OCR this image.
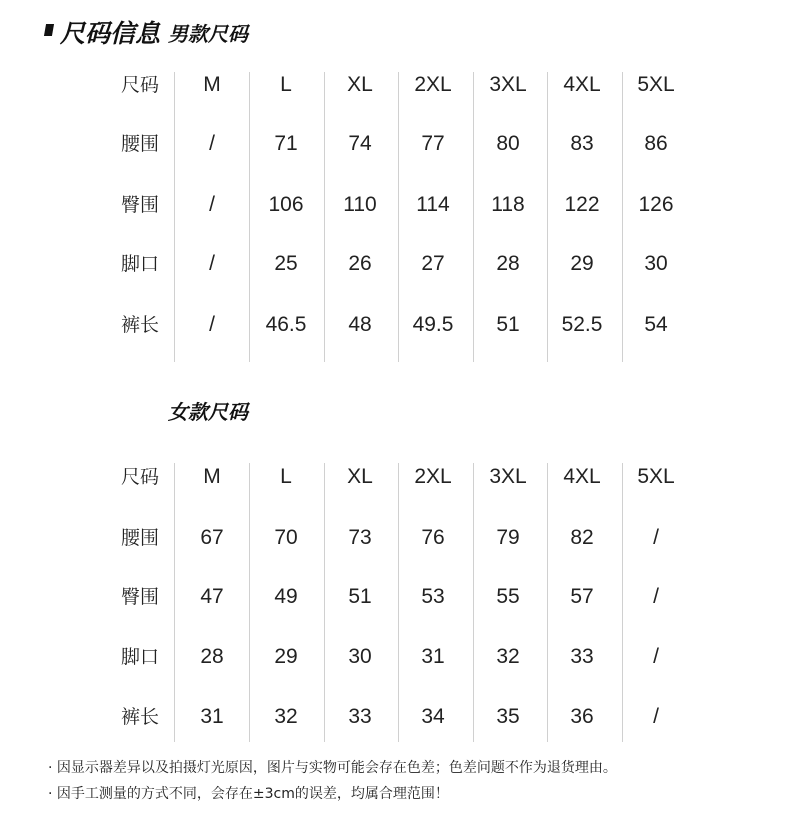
尺码信息 男款尺码
尺码	M	L	XL	2XL	3XL	4XL	5XL
腰围	/	71	74	77	80	83	86
臀围	/	106	110	114	118	122	126
脚口	/	25	26	27	28	29	30
裤长	/	46.5	48	49.5	51	52.5	54
女款尺码
尺码	M	L	XL	2XL	3XL	4XL	5XL
腰围	67	70	73	76	79	82	/
臀围	47	49	51	53	55	57	/
脚口	28	29	30	31	32	33	/
裤长	31	32	33	34	35	36	/
· 因显示器差异以及拍摄灯光原因，图片与实物可能会存在色差；色差问题不作为退货理由。
· 因手工测量的方式不同，会存在±3cm的误差，均属合理范围！
